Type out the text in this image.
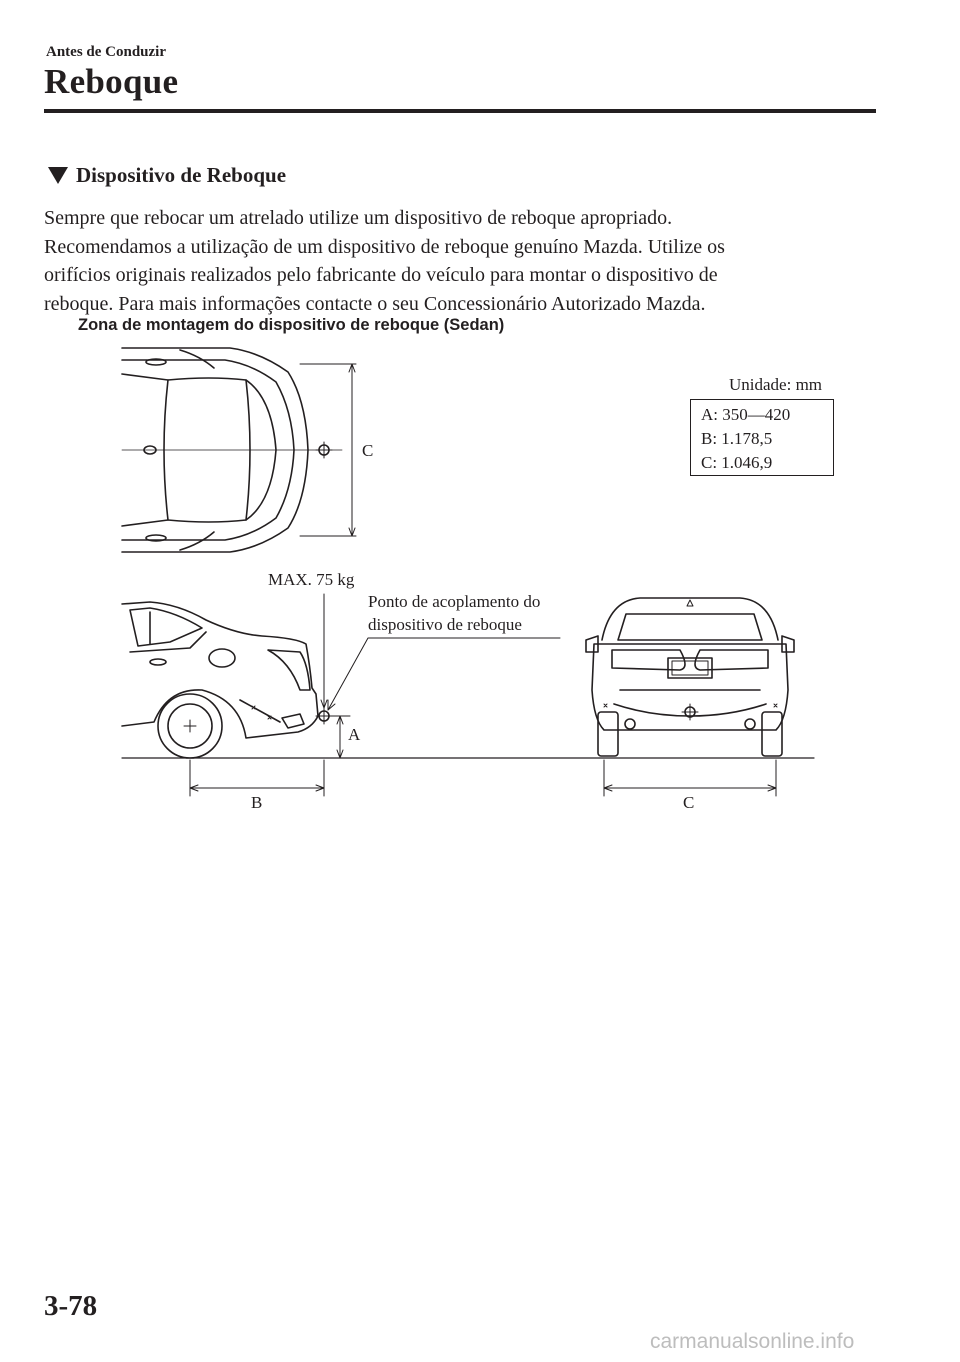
Antes de Conduzir
Reboque
Dispositivo de Reboque

Sempre que rebocar um atrelado utilize um dispositivo de reboque apropriado.

Recomendamos a utilização de um dispositivo de reboque genuíno Mazda. Utilize os

orifícios originais realizados pelo fabricante do veículo para montar o dispositivo de

reboque. Para mais informações contacte o seu Concessionário Autorizado Mazda.

Zona de montagem do dispositivo de reboque (Sedan)
Unidade: mm
A: 350—420
B: 1.178,5
C: 1.046,9
C
MAX. 75 kg
Ponto de acoplamento do
dispositivo de reboque
A
B	C
3-78
carmanualsonline.info
